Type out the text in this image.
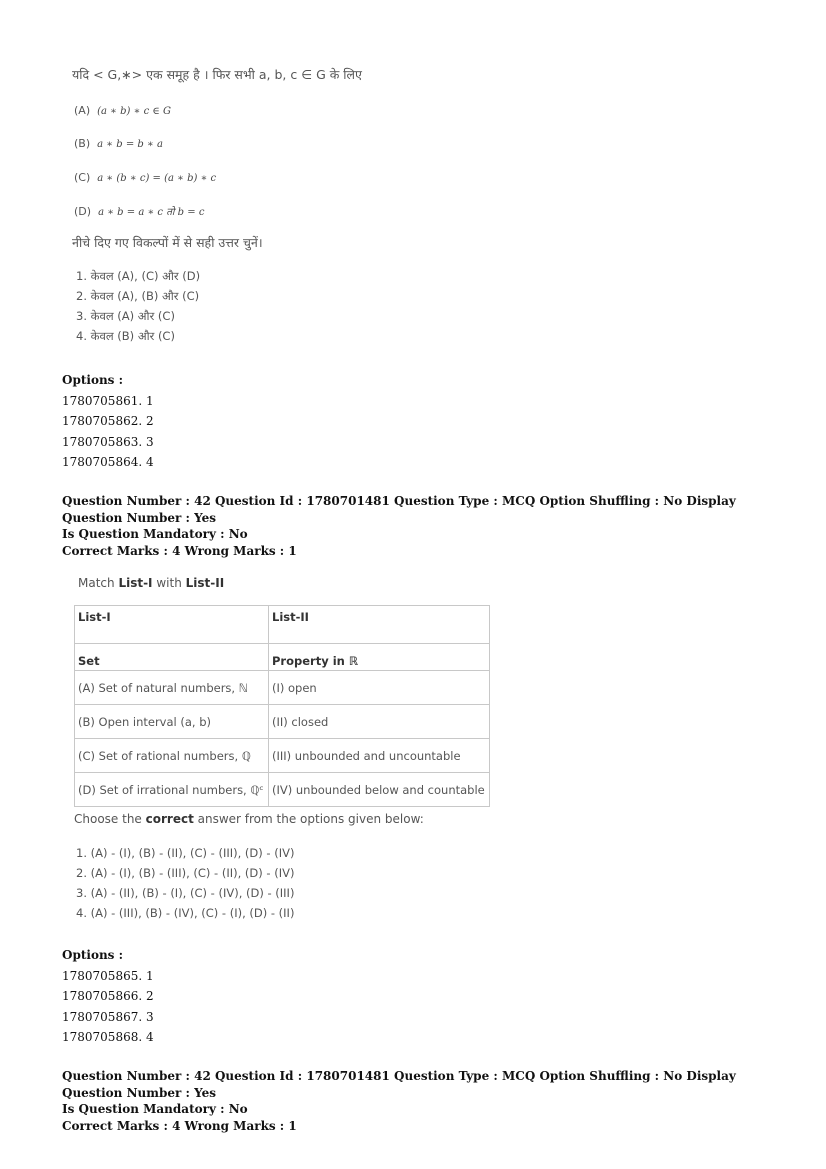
यदि < G,∗> एक समूह है । फिर सभी a, b, c ∈ G के लिए
(A) (a ∗ b) ∗ c ∈ G
(B) a ∗ b = b ∗ a
(C) a ∗ (b ∗ c) = (a ∗ b) ∗ c
(D) a ∗ b = a ∗ c तो b = c
नीचे दिए गए विकल्पों में से सही उत्तर चुनें।
1. केवल (A), (C) और (D)
2. केवल (A), (B) और (C)
3. केवल (A) और (C)
4. केवल (B) और (C)
Options :
1780705861. 1
1780705862. 2
1780705863. 3
1780705864. 4
Question Number : 42 Question Id : 1780701481 Question Type : MCQ Option Shuffling : No Display Question Number : Yes
Is Question Mandatory : No
Correct Marks : 4 Wrong Marks : 1
Match List-I with List-II
List-I	List-II
Set	Property in ℝ
(A) Set of natural numbers, ℕ	(I) open
(B) Open interval (a, b)	(II) closed
(C) Set of rational numbers, ℚ	(III) unbounded and uncountable
(D) Set of irrational numbers, ℚᶜ	(IV) unbounded below and countable
Choose the correct answer from the options given below:
1. (A) - (I), (B) - (II), (C) - (III), (D) - (IV)
2. (A) - (I), (B) - (III), (C) - (II), (D) - (IV)
3. (A) - (II), (B) - (I), (C) - (IV), (D) - (III)
4. (A) - (III), (B) - (IV), (C) - (I), (D) - (II)
Options :
1780705865. 1
1780705866. 2
1780705867. 3
1780705868. 4
Question Number : 42 Question Id : 1780701481 Question Type : MCQ Option Shuffling : No Display Question Number : Yes
Is Question Mandatory : No
Correct Marks : 4 Wrong Marks : 1
